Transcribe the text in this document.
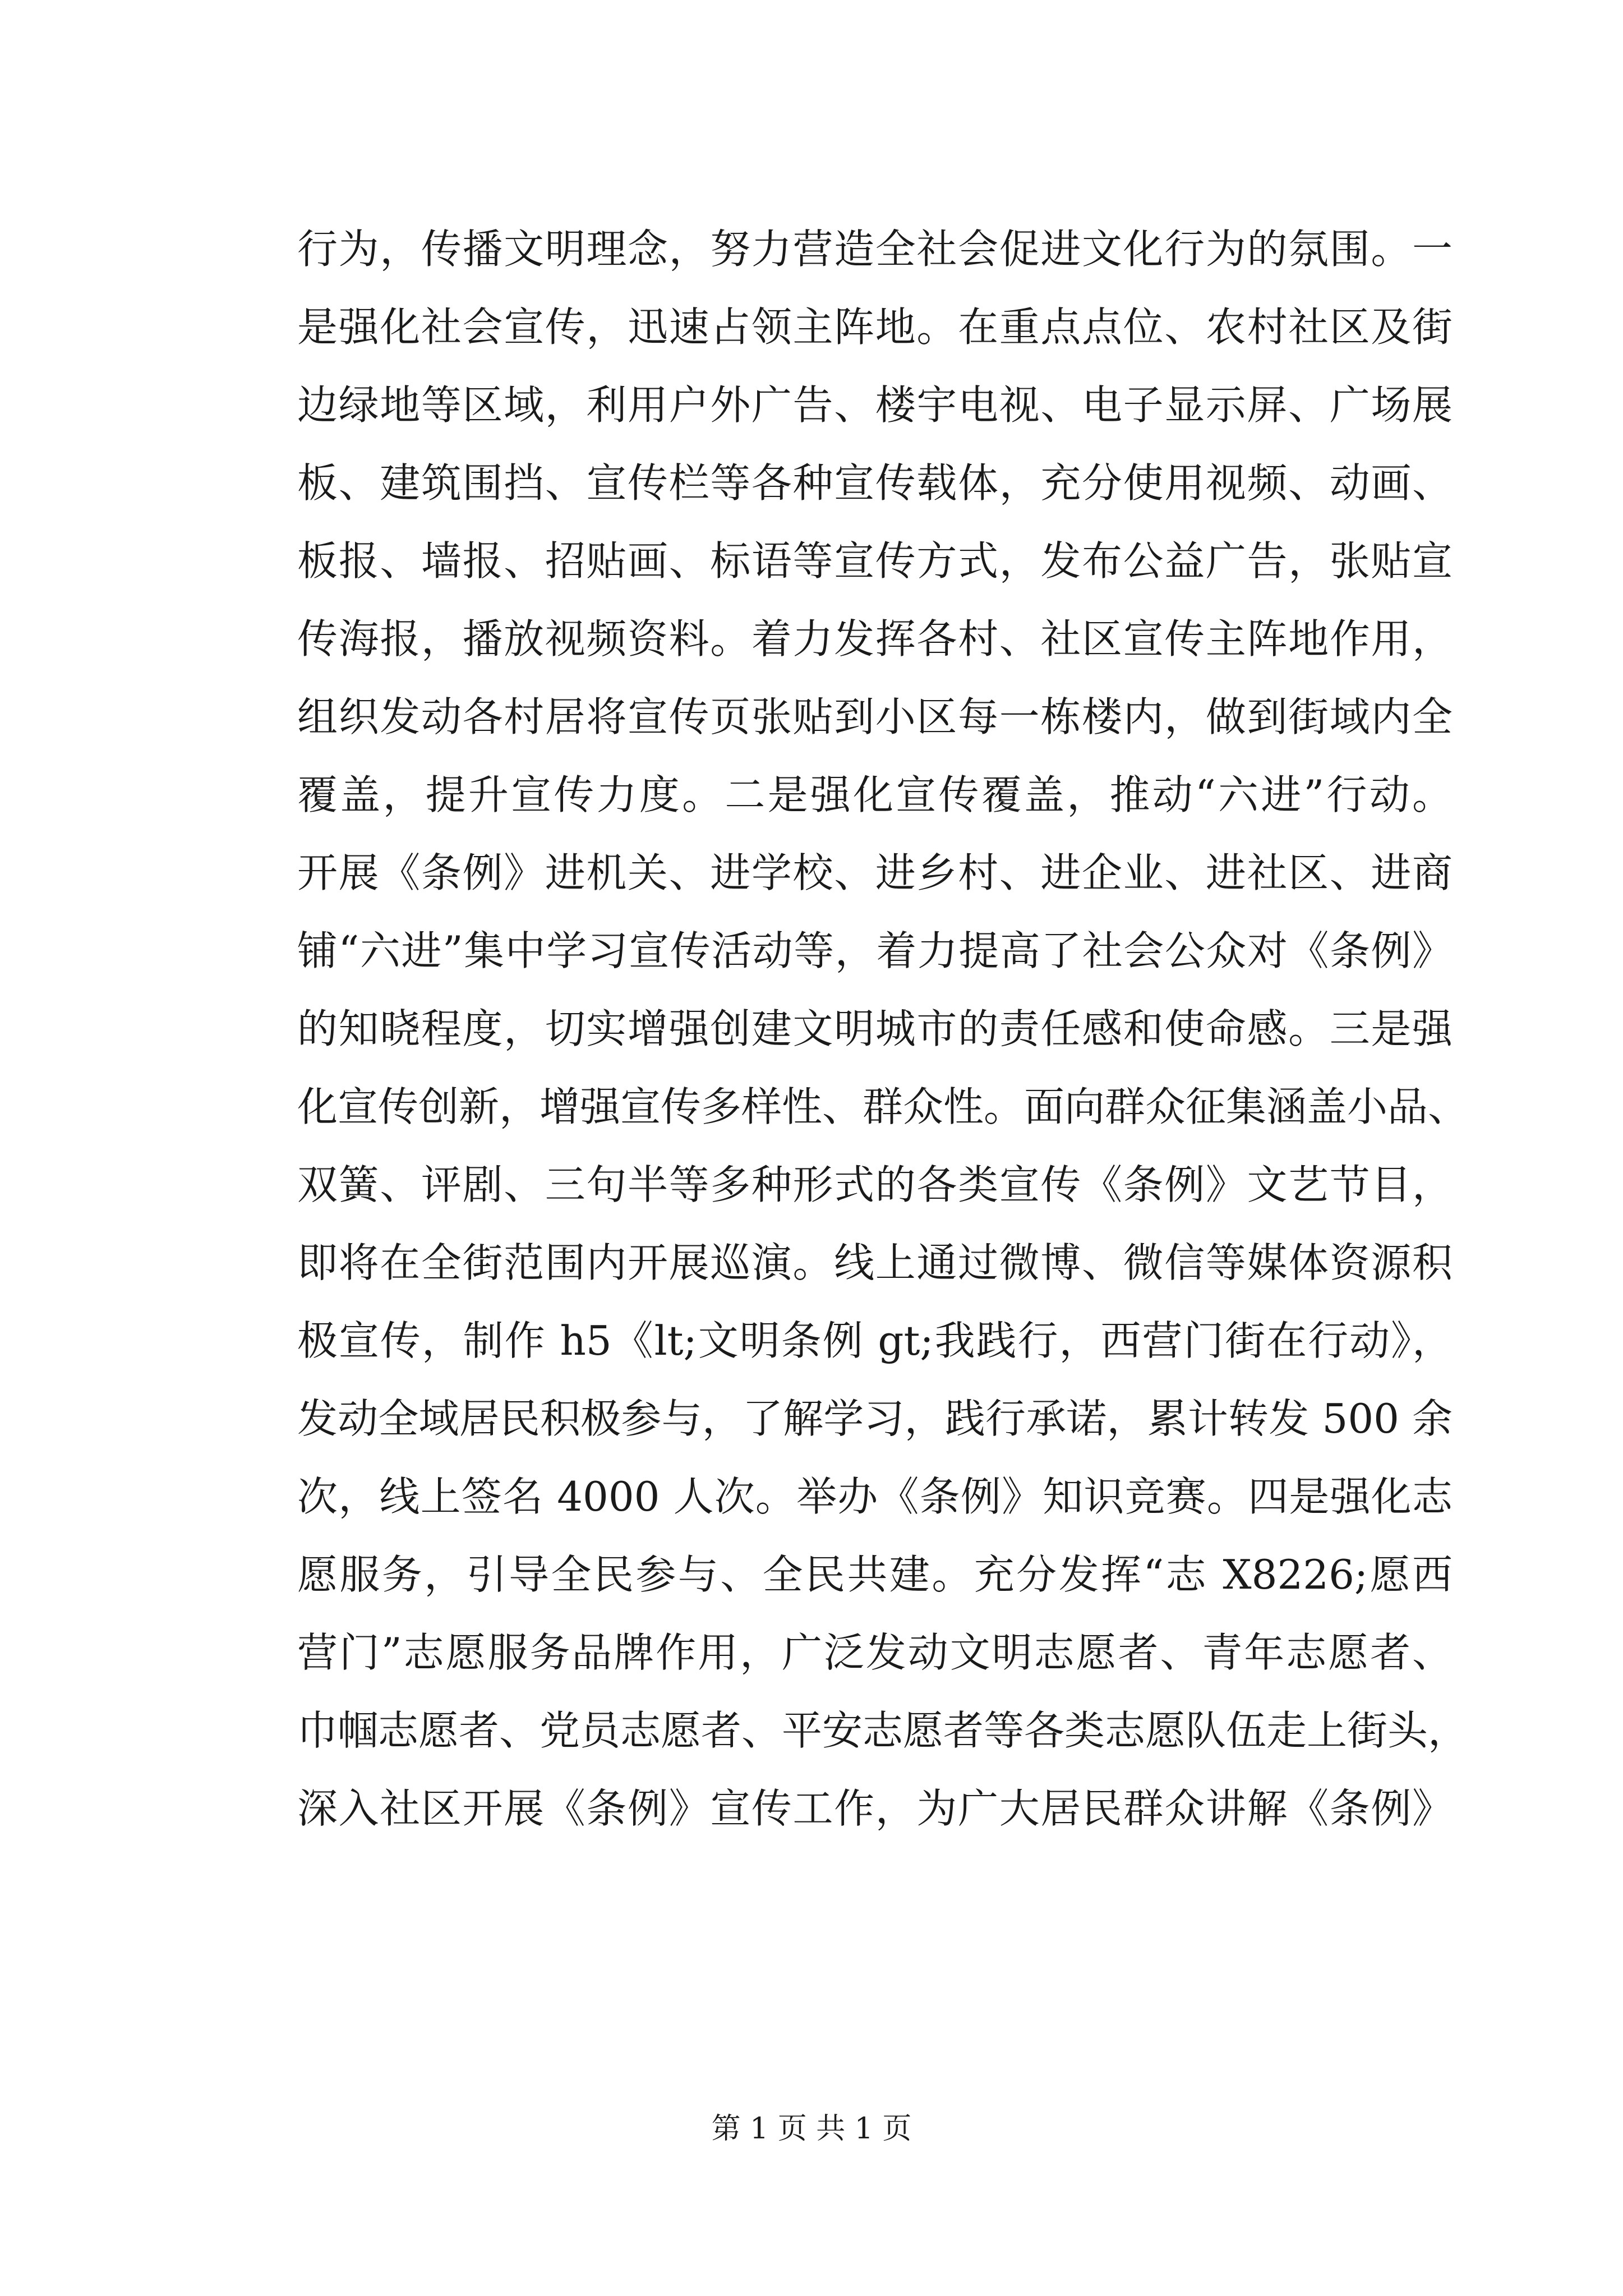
行为，传播文明理念，努力营造全社会促进文化行为的氛围。一
是强化社会宣传，迅速占领主阵地。在重点点位、农村社区及街
边绿地等区域，利用户外广告、楼宇电视、电子显示屏、广场展
板、建筑围挡、宣传栏等各种宣传载体，充分使用视频、动画、
板报、墙报、招贴画、标语等宣传方式，发布公益广告，张贴宣
传海报，播放视频资料。着力发挥各村、社区宣传主阵地作用，
组织发动各村居将宣传页张贴到小区每一栋楼内，做到街域内全
覆盖，提升宣传力度。二是强化宣传覆盖，推动“六进”行动。
开展《条例》进机关、进学校、进乡村、进企业、进社区、进商
铺“六进”集中学习宣传活动等，着力提高了社会公众对《条例》
的知晓程度，切实增强创建文明城市的责任感和使命感。三是强
化宣传创新，增强宣传多样性、群众性。面向群众征集涵盖小品、
双簧、评剧、三句半等多种形式的各类宣传《条例》文艺节目，
即将在全街范围内开展巡演。线上通过微博、微信等媒体资源积
极宣传，制作 h5《lt;文明条例 gt;我践行，西营门街在行动》，
发动全域居民积极参与，了解学习，践行承诺，累计转发 500 余
次，线上签名 4000 人次。举办《条例》知识竞赛。四是强化志
愿服务，引导全民参与、全民共建。充分发挥“志 X8226;愿西
营门”志愿服务品牌作用，广泛发动文明志愿者、青年志愿者、
巾帼志愿者、党员志愿者、平安志愿者等各类志愿队伍走上街头，
深入社区开展《条例》宣传工作，为广大居民群众讲解《条例》
第 1 页 共 1 页
